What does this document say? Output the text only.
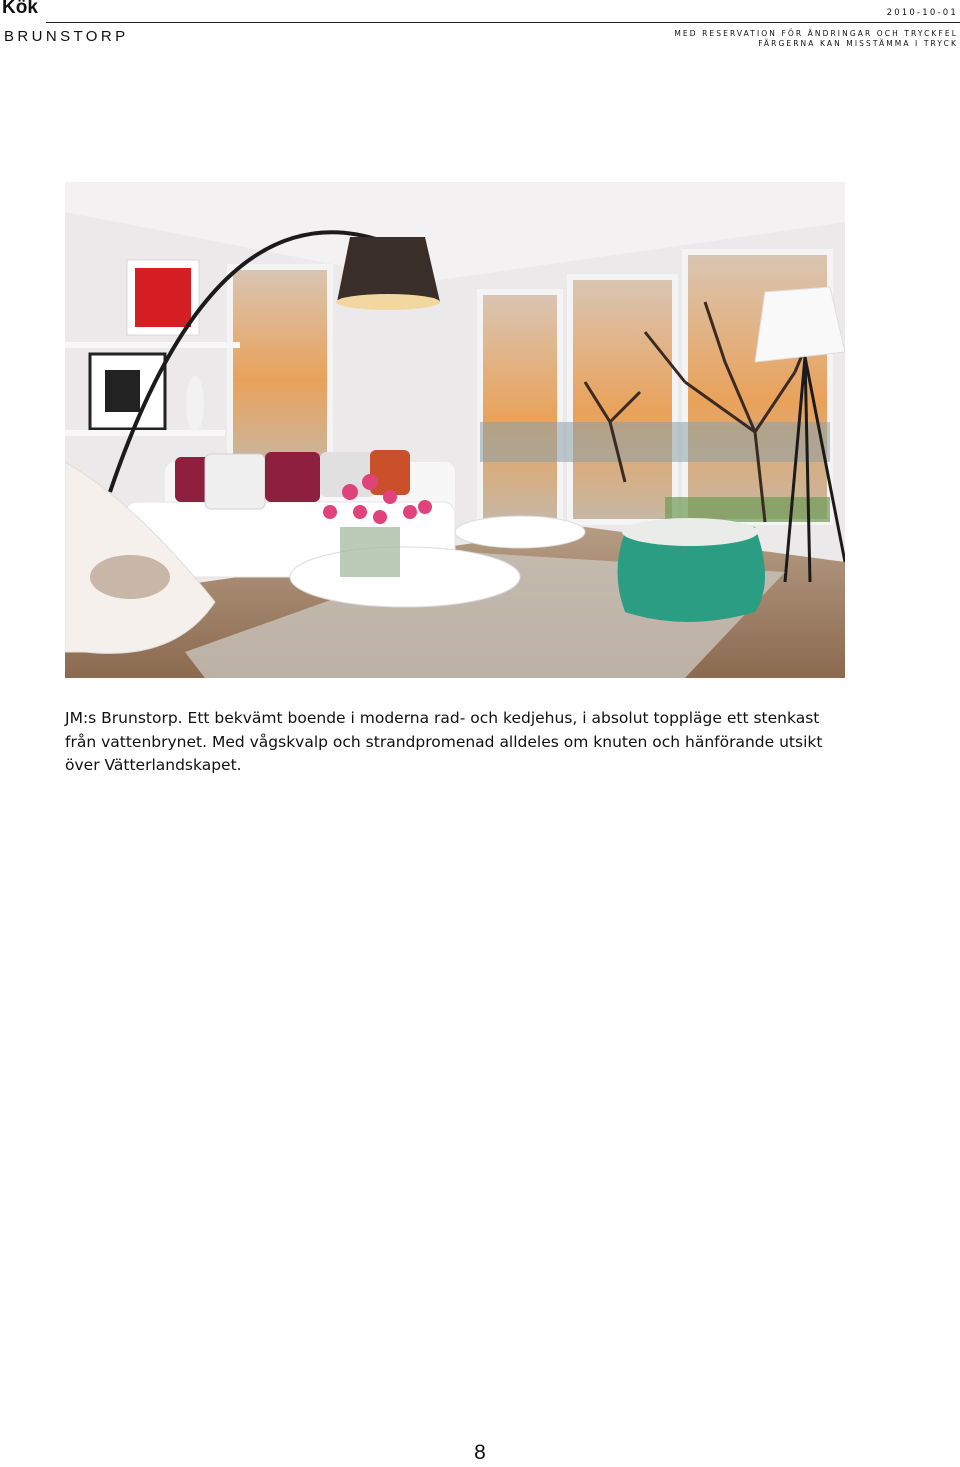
Kök
BRUNSTORP
2010-10-01
MED RESERVATION FÖR ÄNDRINGAR OCH TRYCKFEL
FÄRGERNA KAN MISSTÄMMA I TRYCK

JM:s Brunstorp. Ett bekvämt boende i moderna rad- och kedjehus, i absolut toppläge ett stenkast från vattenbrynet. Med vågskvalp och strandpromenad alldeles om knuten och hänförande utsikt över Vätterlandskapet.

8
